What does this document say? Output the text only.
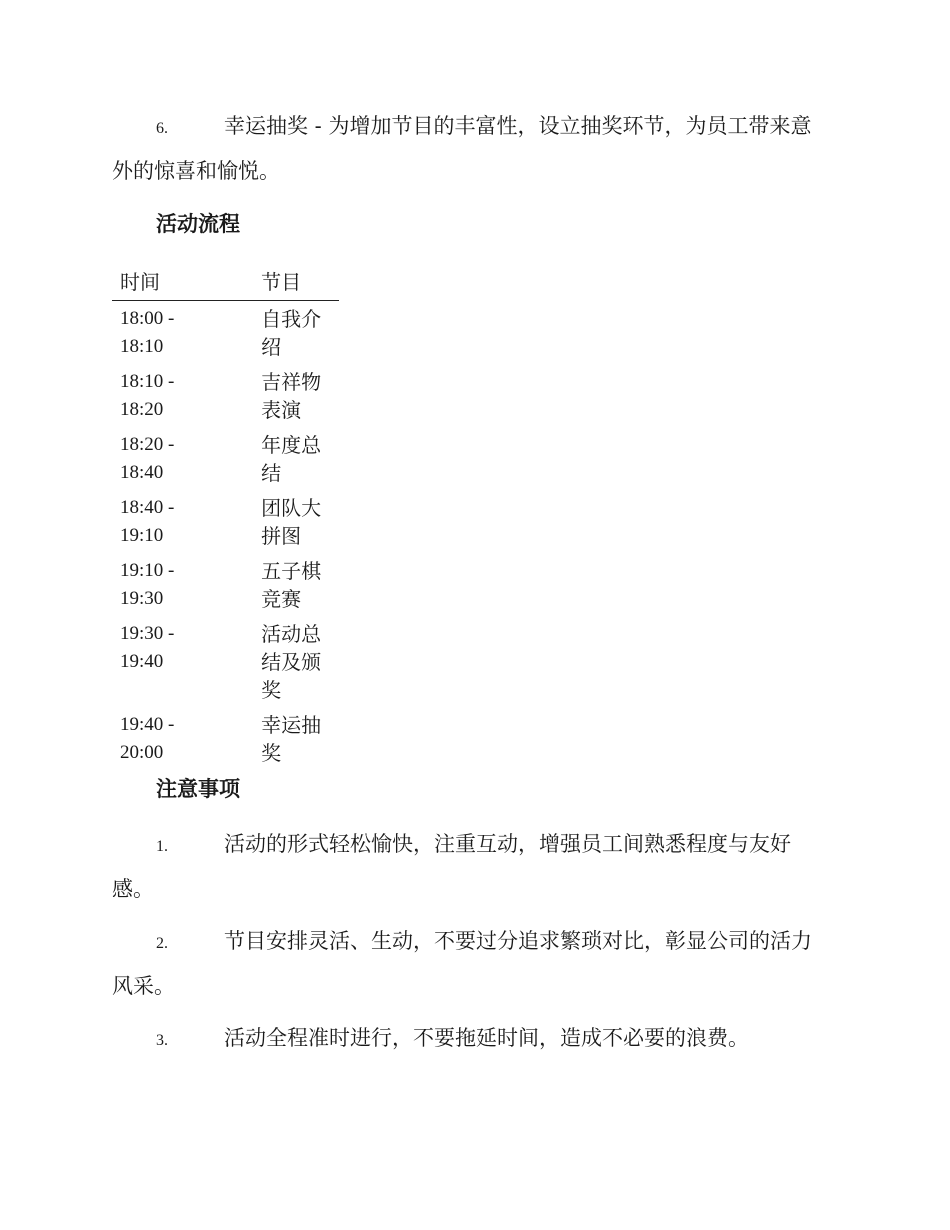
6.	幸运抽奖 - 为增加节目的丰富性，设立抽奖环节，为员工带来意外的惊喜和愉悦。

活动流程
时间	节目

18:00 -
18:10	自我介绍

18:10 -
18:20	吉祥物表演

18:20 -
18:40	年度总结

18:40 -
19:10	团队大拼图

19:10 -
19:30	五子棋竞赛

19:30 -
19:40	活动总结及颁奖

19:40 -
20:00	幸运抽奖
注意事项

1.	活动的形式轻松愉快，注重互动，增强员工间熟悉程度与友好感。

2.	节目安排灵活、生动，不要过分追求繁琐对比，彰显公司的活力风采。

3.	活动全程准时进行，不要拖延时间，造成不必要的浪费。
